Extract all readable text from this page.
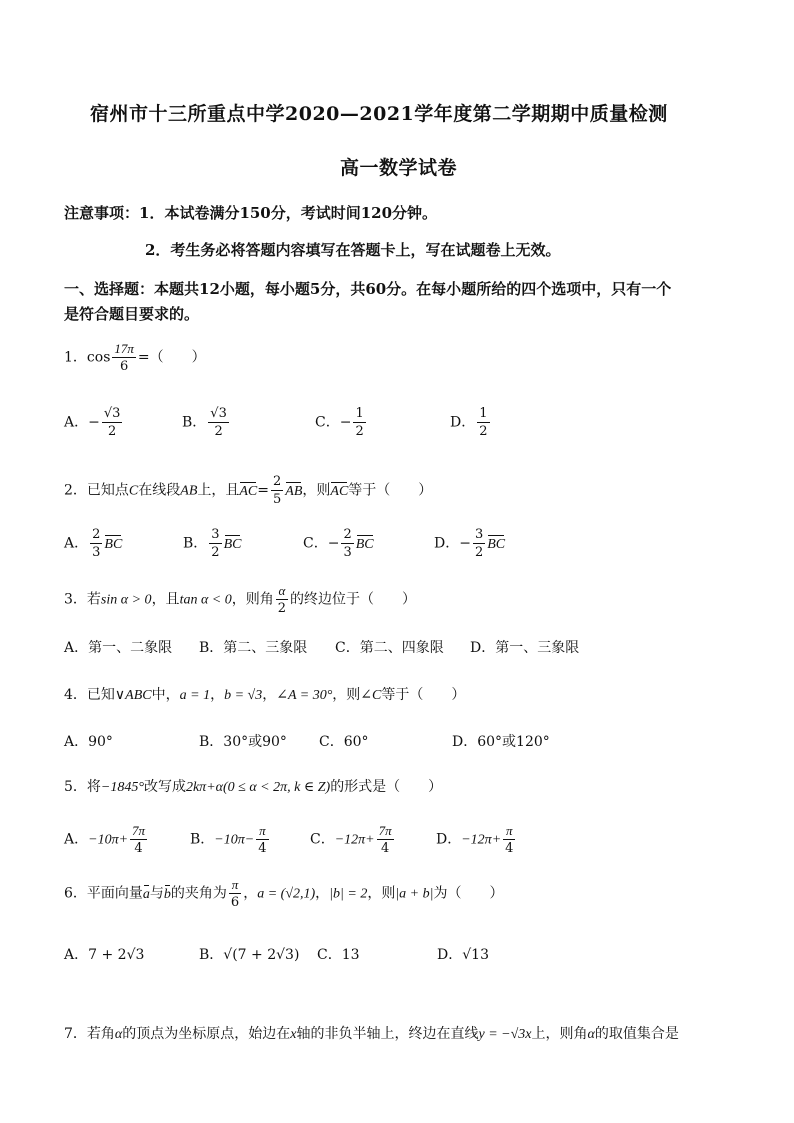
宿州市十三所重点中学2020—2021学年度第二学期期中质量检测
高一数学试卷
注意事项：1．本试卷满分150分，考试时间120分钟。
2．考生务必将答题内容填写在答题卡上，写在试题卷上无效。
一、选择题：本题共12小题，每小题5分，共60分。在每小题所给的四个选项中，只有一个
是符合题目要求的。
1．$\cos \frac{17\pi}{6}$ =（　　）
A．− $\frac{√3}{2}$	B． $\frac{√3}{2}$	C．− $\frac{1}{2}$	D． $\frac{1}{2}$
2．已知点C在线段AB上，且$AC= \frac{2}{5}$ AB，则AC等于（　　）
A． $\frac{2}{3}$ BC	B． $\frac{3}{2}$ BC	C．− $\frac{2}{3}$ BC	D．− $\frac{3}{2}$ BC
3．若sin α > 0，且tan α < 0，则角 $\frac{\alpha}{2}$ 的终边位于（　　）
A．第一、二象限 B．第二、三象限 C．第二、四象限 D．第一、三象限
4．已知∨ABC中，a = 1，b = √3，∠A = 30°，则∠C等于（　　）
A．90°	B．30°或90° C．60°	D．60°或120°
5．将−1845°改写成2kπ+α(0 ≤ α < 2π, k ∈ Z)的形式是（　　）
A．$-10\pi+ \frac{7\pi}{4}$	B．$-10\pi- \frac{\pi}{4}$	C．$-12\pi+ \frac{7\pi}{4}$	D．$-12\pi+ \frac{\pi}{4}$
6．平面向量a与b的夹角为 $\frac{\pi}{6}$ ，a = (√2,1)，|b| = 2，则|a + b|为（　　）
A．7 + 2√3	B．√(7 + 2√3) C．13	D．√13
7．若角α的顶点为坐标原点，始边在x轴的非负半轴上，终边在直线y = −√3x上，则角α的取值集合是
